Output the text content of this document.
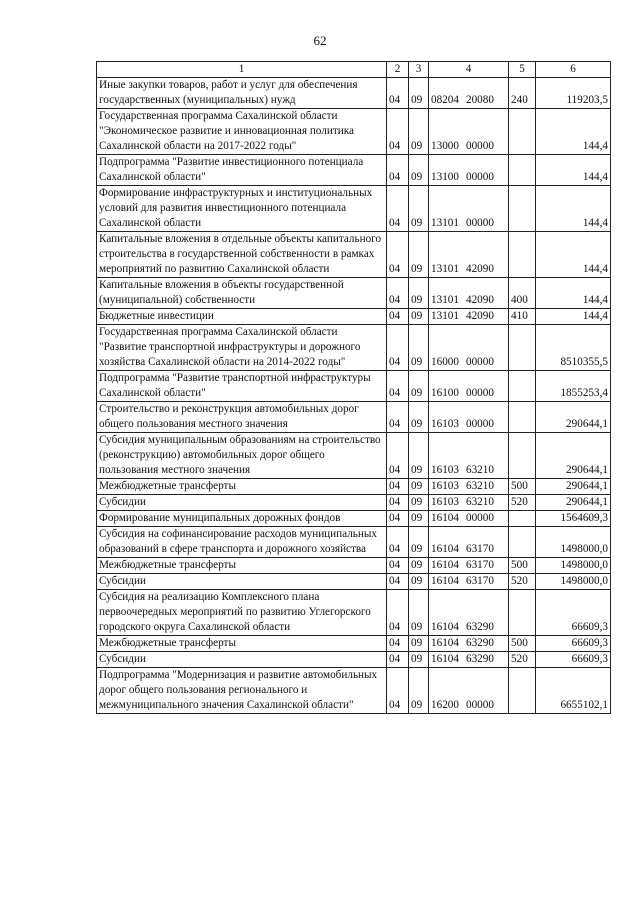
62
1	2	3	4	5	6
Иные закупки товаров, работ и услуг для обеспечения государственных (муниципальных) нужд	04	09	08204 20080	240	119203,5
Государственная программа Сахалинской области "Экономическое развитие и инновационная политика Сахалинской области на 2017-2022 годы"	04	09	13000 00000		144,4
Подпрограмма "Развитие инвестиционного потенциала Сахалинской области"	04	09	13100 00000		144,4
Формирование инфраструктурных и институциональных условий для развития инвестиционного потенциала Сахалинской области	04	09	13101 00000		144,4
Капитальные вложения в отдельные объекты капитального строительства в государственной собственности в рамках мероприятий по развитию Сахалинской области	04	09	13101 42090		144,4
Капитальные вложения в объекты государственной (муниципальной) собственности	04	09	13101 42090	400	144,4
Бюджетные инвестиции	04	09	13101 42090	410	144,4
Государственная программа Сахалинской области "Развитие транспортной инфраструктуры и дорожного хозяйства Сахалинской области на 2014-2022 годы"	04	09	16000 00000		8510355,5
Подпрограмма "Развитие транспортной инфраструктуры Сахалинской области"	04	09	16100 00000		1855253,4
Строительство и реконструкция автомобильных дорог общего пользования местного значения	04	09	16103 00000		290644,1
Субсидия муниципальным образованиям на строительство (реконструкцию) автомобильных дорог общего пользования местного значения	04	09	16103 63210		290644,1
Межбюджетные трансферты	04	09	16103 63210	500	290644,1
Субсидии	04	09	16103 63210	520	290644,1
Формирование муниципальных дорожных фондов	04	09	16104 00000		1564609,3
Субсидия на софинансирование расходов муниципальных образований в сфере транспорта и дорожного хозяйства	04	09	16104 63170		1498000,0
Межбюджетные трансферты	04	09	16104 63170	500	1498000,0
Субсидии	04	09	16104 63170	520	1498000,0
Субсидия на реализацию Комплексного плана первоочередных мероприятий по развитию Углегорского городского округа Сахалинской области	04	09	16104 63290		66609,3
Межбюджетные трансферты	04	09	16104 63290	500	66609,3
Субсидии	04	09	16104 63290	520	66609,3
Подпрограмма "Модернизация и развитие автомобильных дорог общего пользования регионального и межмуниципального значения Сахалинской области"	04	09	16200 00000		6655102,1
